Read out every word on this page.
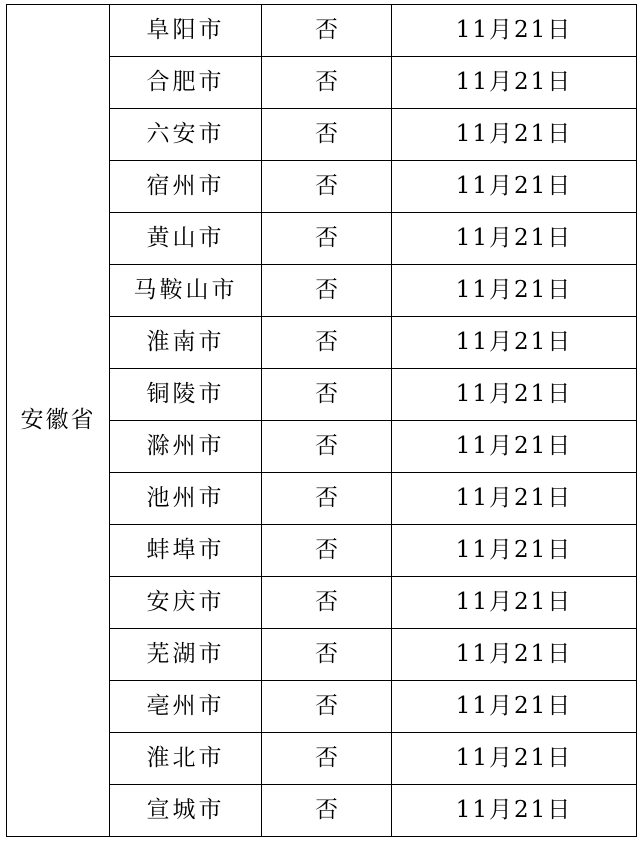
安徽省	阜阳市	否	11月21日
	合肥市	否	11月21日
	六安市	否	11月21日
	宿州市	否	11月21日
	黄山市	否	11月21日
	马鞍山市	否	11月21日
	淮南市	否	11月21日
	铜陵市	否	11月21日
	滁州市	否	11月21日
	池州市	否	11月21日
	蚌埠市	否	11月21日
	安庆市	否	11月21日
	芜湖市	否	11月21日
	亳州市	否	11月21日
	淮北市	否	11月21日
	宣城市	否	11月21日
